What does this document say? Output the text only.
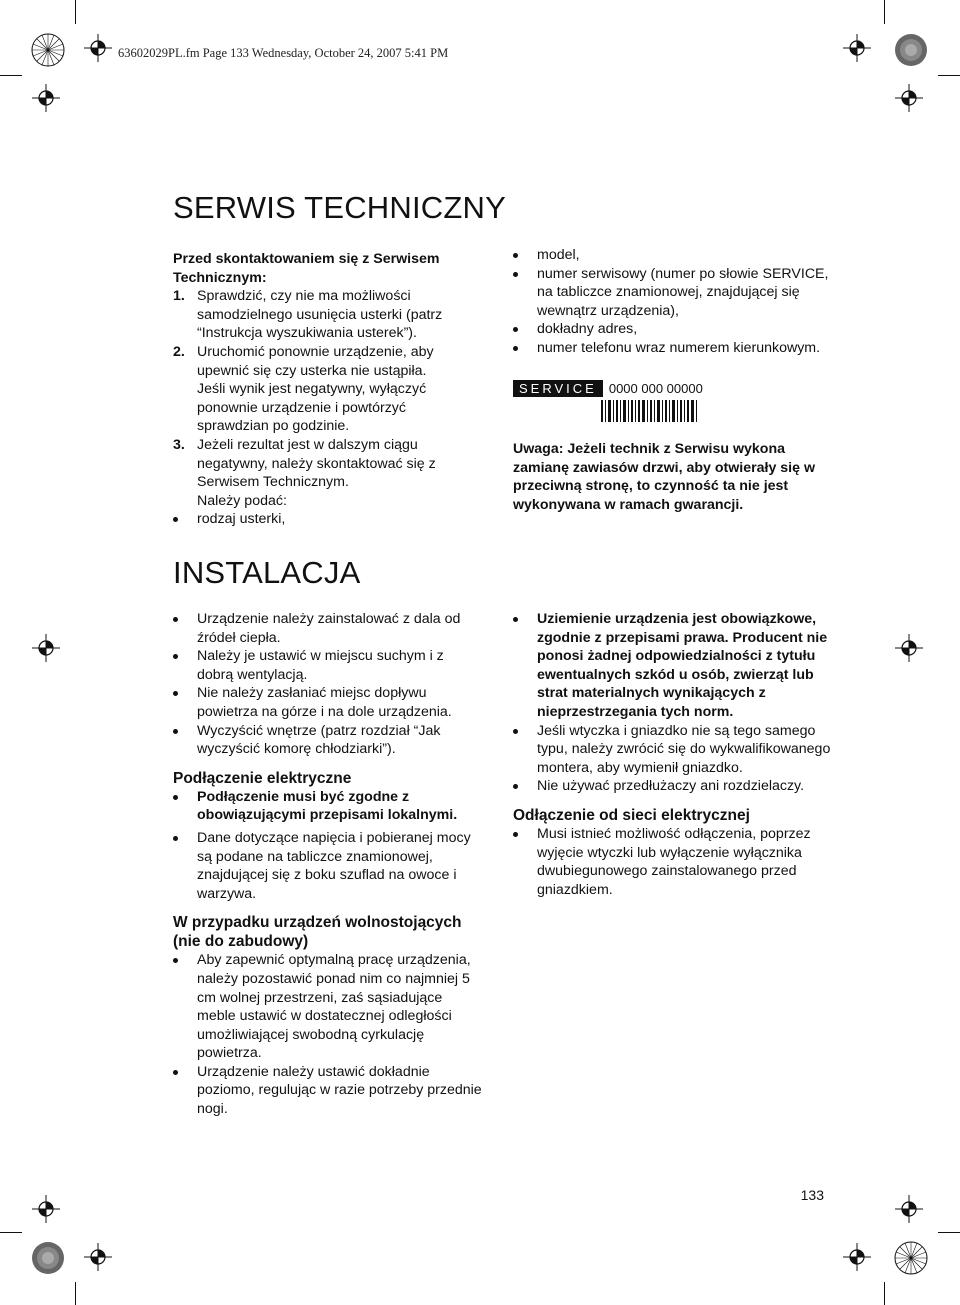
63602029PL.fm Page 133 Wednesday, October 24, 2007 5:41 PM
SERWIS TECHNICZNY

Przed skontaktowaniem się z Serwisem Technicznym:

1. Sprawdzić, czy nie ma możliwości
samodzielnego usunięcia usterki (patrz
“Instrukcja wyszukiwania usterek”).
2. Uruchomić ponownie urządzenie, aby
upewnić się czy usterka nie ustąpiła.
Jeśli wynik jest negatywny, wyłączyć
ponownie urządzenie i powtórzyć
sprawdzian po godzinie.
3. Jeżeli rezultat jest w dalszym ciągu
negatywny, należy skontaktować się z
Serwisem Technicznym.
Należy podać:
rodzaj usterki,
model,
numer serwisowy (numer po słowie SERVICE, na tabliczce znamionowej, znajdującej się wewnątrz urządzenia),
dokładny adres,
numer telefonu wraz numerem kierunkowym.
SERVICE 0000 000 00000

Uwaga: Jeżeli technik z Serwisu wykona zamianę zawiasów drzwi, aby otwierały się w przeciwną stronę, to czynność ta nie jest wykonywana w ramach gwarancji.

INSTALACJA
Urządzenie należy zainstalować z dala od źródeł ciepła.
Należy je ustawić w miejscu suchym i z dobrą wentylacją.
Nie należy zasłaniać miejsc dopływu powietrza na górze i na dole urządzenia.
Wyczyścić wnętrze (patrz rozdział “Jak wyczyścić komorę chłodziarki”).

Podłączenie elektryczne

Podłączenie musi być zgodne z obowiązującymi przepisami lokalnymi.
Dane dotyczące napięcia i pobieranej mocy są podane na tabliczce znamionowej, znajdującej się z boku szuflad na owoce i warzywa.

W przypadku urządzeń wolnostojących (nie do zabudowy)

Aby zapewnić optymalną pracę urządzenia, należy pozostawić ponad nim co najmniej 5 cm wolnej przestrzeni, zaś sąsiadujące meble ustawić w dostatecznej odległości umożliwiającej swobodną cyrkulację powietrza.
Urządzenie należy ustawić dokładnie poziomo, regulując w razie potrzeby przednie nogi.
Uziemienie urządzenia jest obowiązkowe, zgodnie z przepisami prawa. Producent nie ponosi żadnej odpowiedzialności z tytułu ewentualnych szkód u osób, zwierząt lub strat materialnych wynikających z nieprzestrzegania tych norm.
Jeśli wtyczka i gniazdko nie są tego samego typu, należy zwrócić się do wykwalifikowanego montera, aby wymienił gniazdko.
Nie używać przedłużaczy ani rozdzielaczy.

Odłączenie od sieci elektrycznej

Musi istnieć możliwość odłączenia, poprzez wyjęcie wtyczki lub wyłączenie wyłącznika dwubiegunowego zainstalowanego przed gniazdkiem.
133
